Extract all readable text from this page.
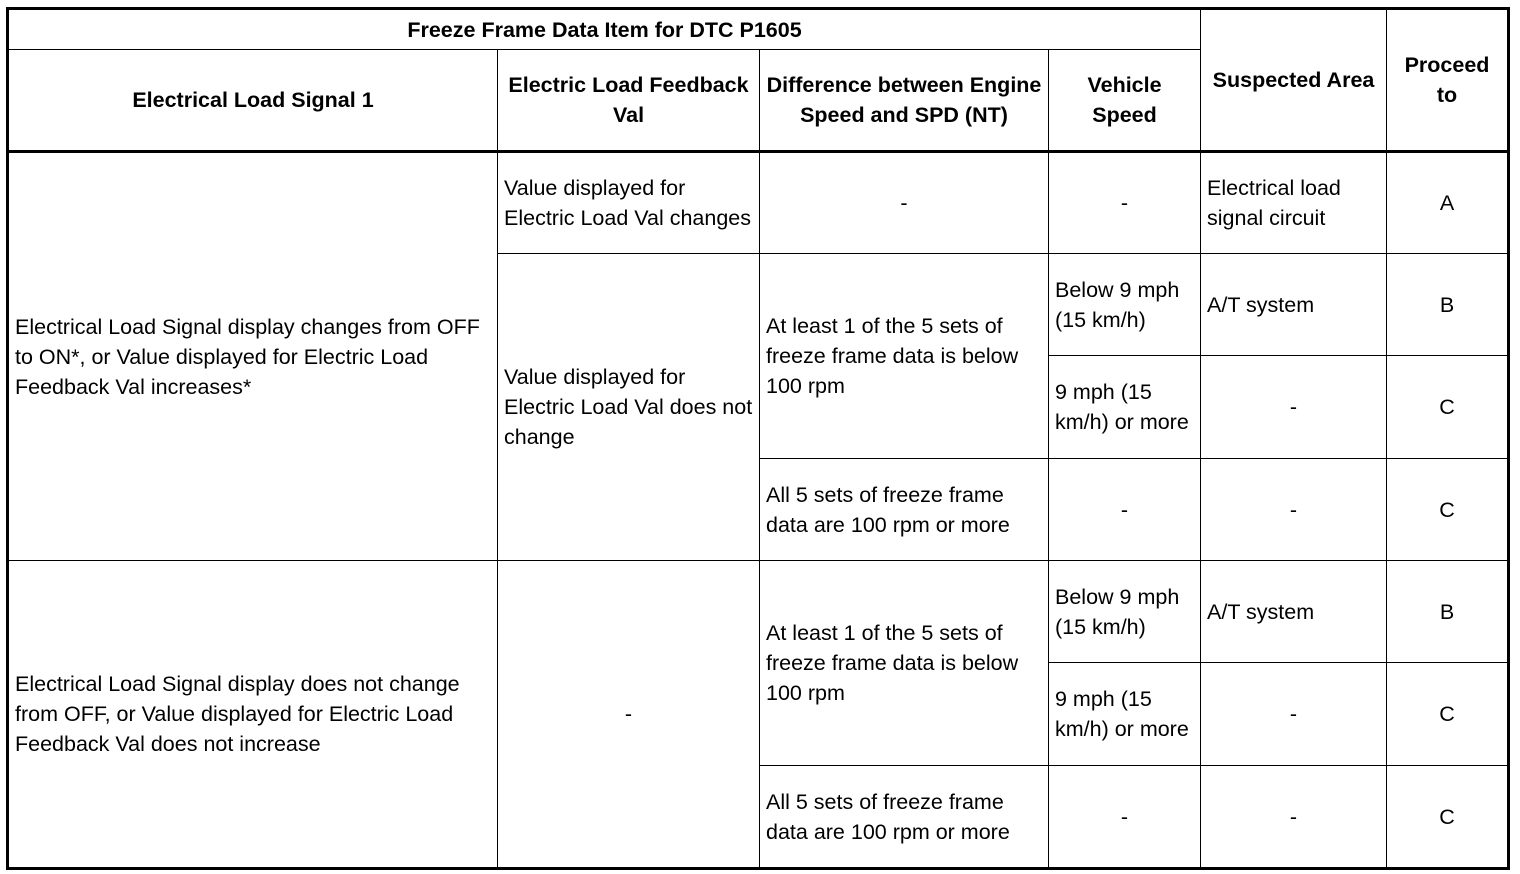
Freeze Frame Data Item for DTC P1605				Suspected Area	Proceed to
Electrical Load Signal 1	Electric Load Feedback Val	Difference between Engine Speed and SPD (NT)	Vehicle Speed		
Electrical Load Signal display changes from OFF to ON*, or Value displayed for Electric Load Feedback Val increases*	Value displayed for Electric Load Val changes	-	-	Electrical load signal circuit	A
	Value displayed for Electric Load Val does not change	At least 1 of the 5 sets of freeze frame data is below 100 rpm	Below 9 mph (15 km/h)	A/T system	B
			9 mph (15 km/h) or more	-	C
		All 5 sets of freeze frame data are 100 rpm or more	-	-	C
Electrical Load Signal display does not change from OFF, or Value displayed for Electric Load Feedback Val does not increase	-	At least 1 of the 5 sets of freeze frame data is below 100 rpm	Below 9 mph (15 km/h)	A/T system	B
			9 mph (15 km/h) or more	-	C
		All 5 sets of freeze frame data are 100 rpm or more	-	-	C
